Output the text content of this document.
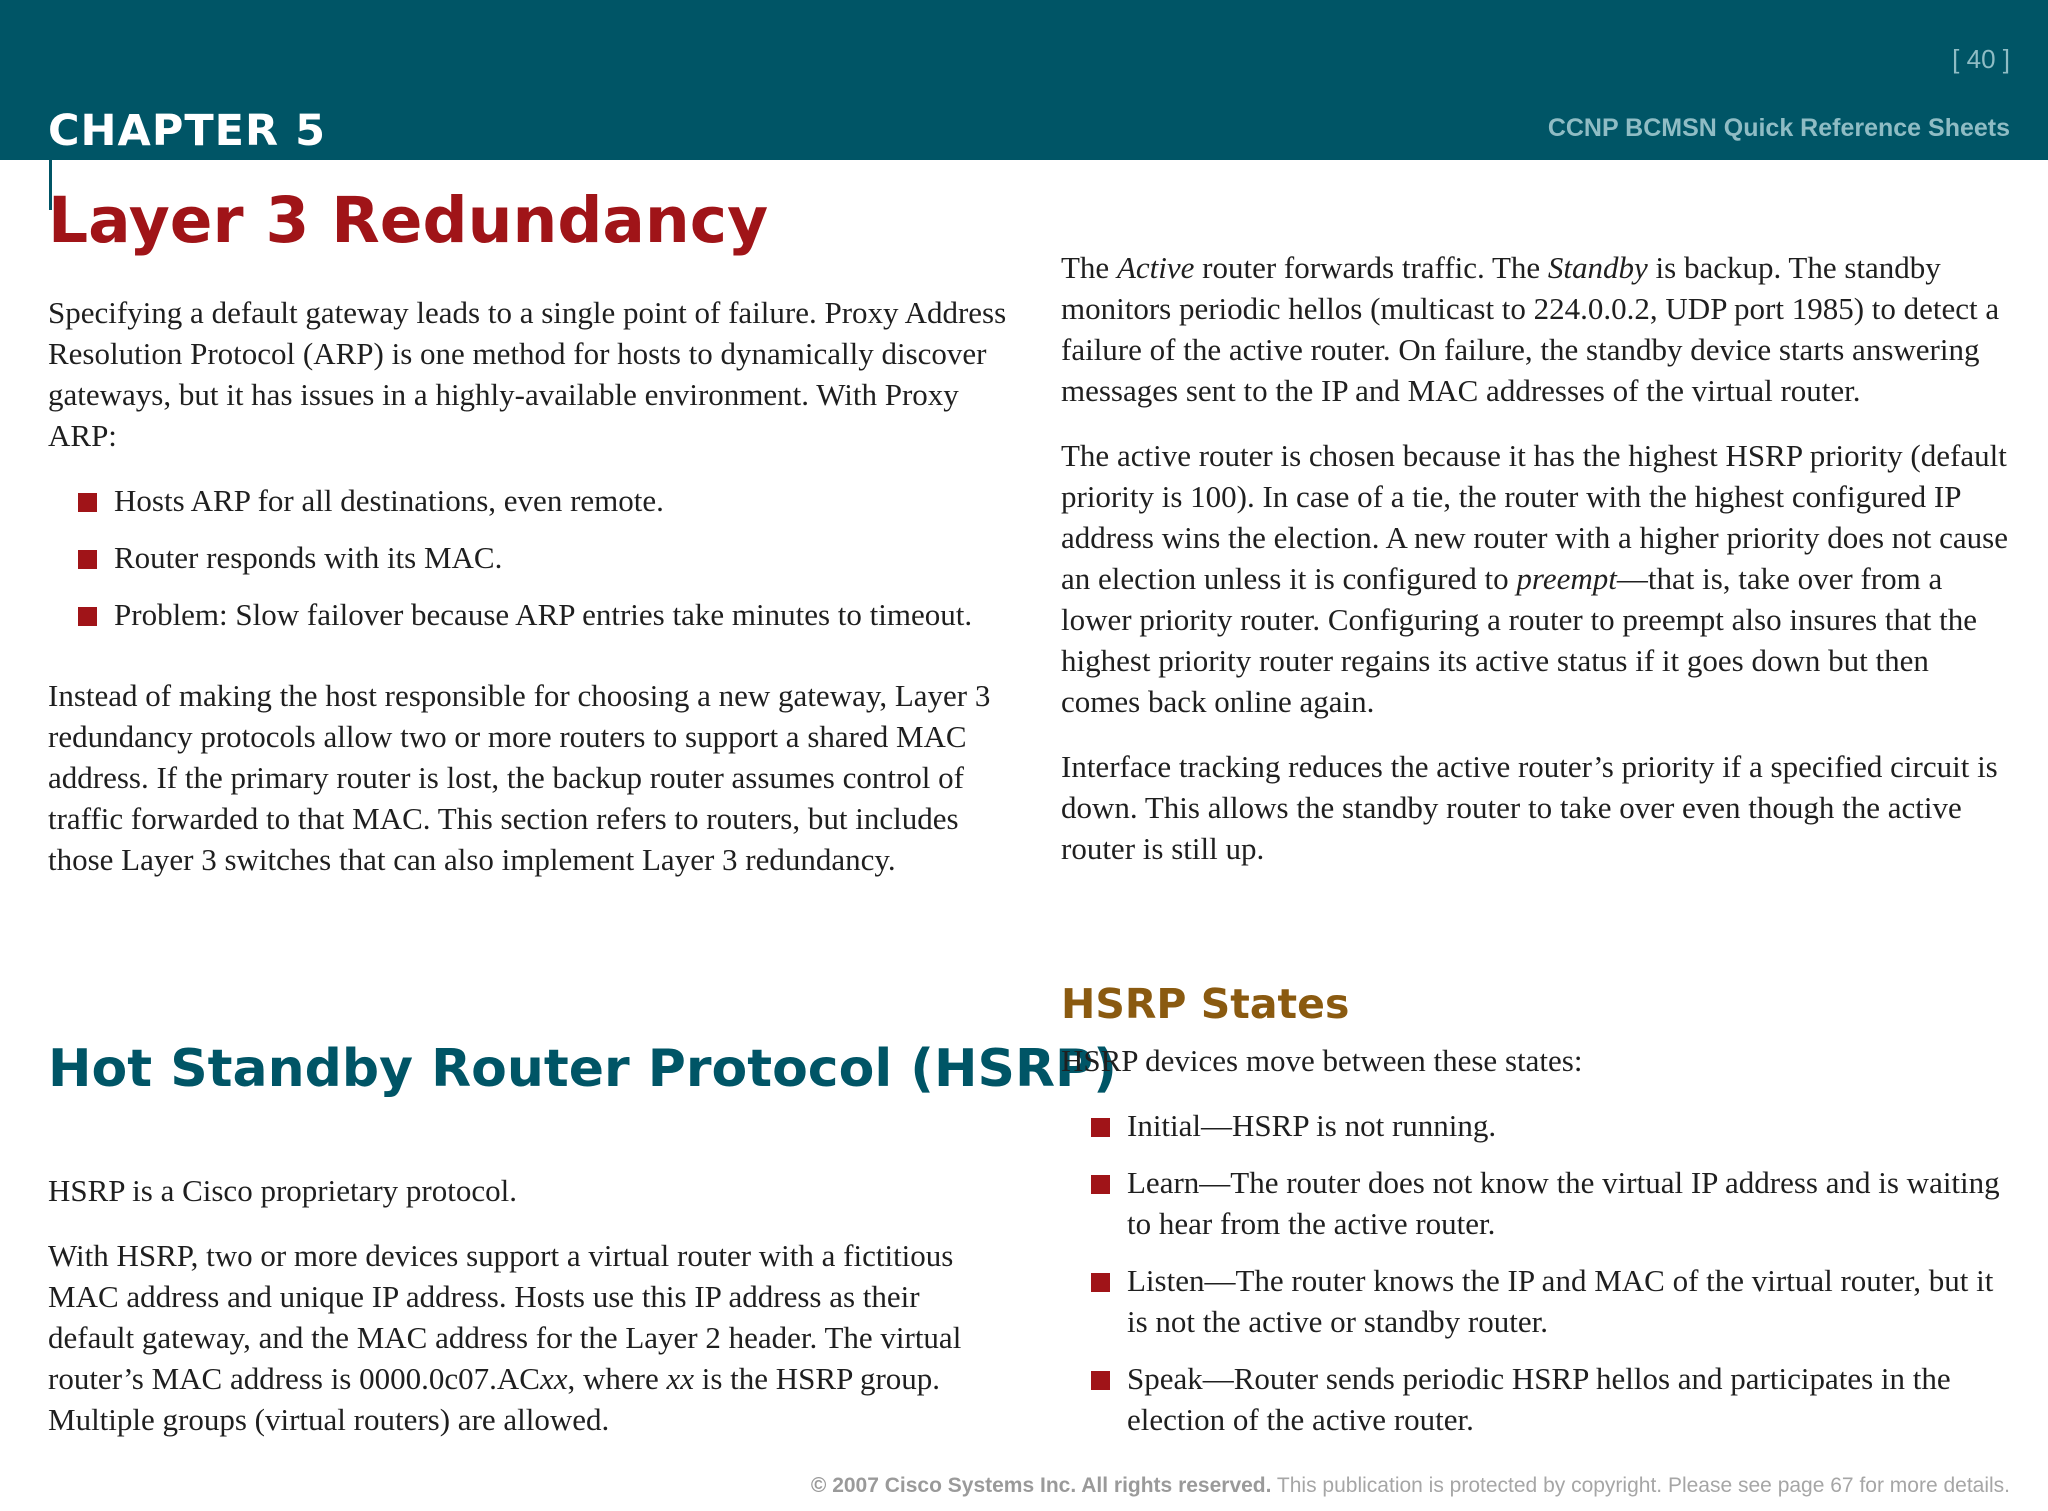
[ 40 ]
CHAPTER 5	CCNP BCMSN Quick Reference Sheets
Layer 3 Redundancy

Specifying a default gateway leads to a single point of failure. Proxy Address Resolution Protocol (ARP) is one method for hosts to dynamically discover gateways, but it has issues in a highly-available environment. With Proxy ARP:

Hosts ARP for all destinations, even remote.
Router responds with its MAC.
Problem: Slow failover because ARP entries take minutes to timeout.

Instead of making the host responsible for choosing a new gateway, Layer 3 redundancy protocols allow two or more routers to support a shared MAC address. If the primary router is lost, the backup router assumes control of traffic forwarded to that MAC. This section refers to routers, but includes those Layer 3 switches that can also implement Layer 3 redundancy.

Hot Standby Router Protocol (HSRP)

HSRP is a Cisco proprietary protocol.

With HSRP, two or more devices support a virtual router with a fictitious MAC address and unique IP address. Hosts use this IP address as their default gateway, and the MAC address for the Layer 2 header. The virtual router’s MAC address is 0000.0c07.ACxx, where xx is the HSRP group. Multiple groups (virtual routers) are allowed.

The Active router forwards traffic. The Standby is backup. The standby monitors periodic hellos (multicast to 224.0.0.2, UDP port 1985) to detect a failure of the active router. On failure, the standby device starts answering messages sent to the IP and MAC addresses of the virtual router.

The active router is chosen because it has the highest HSRP priority (default priority is 100). In case of a tie, the router with the highest configured IP address wins the election. A new router with a higher priority does not cause an election unless it is configured to preempt—that is, take over from a lower priority router. Configuring a router to preempt also insures that the highest priority router regains its active status if it goes down but then comes back online again.

Interface tracking reduces the active router’s priority if a specified circuit is down. This allows the standby router to take over even though the active router is still up.

HSRP States

HSRP devices move between these states:

Initial—HSRP is not running.
Learn—The router does not know the virtual IP address and is waiting to hear from the active router.
Listen—The router knows the IP and MAC of the virtual router, but it is not the active or standby router.
Speak—Router sends periodic HSRP hellos and participates in the election of the active router.
© 2007 Cisco Systems Inc. All rights reserved. This publication is protected by copyright. Please see page 67 for more details.
